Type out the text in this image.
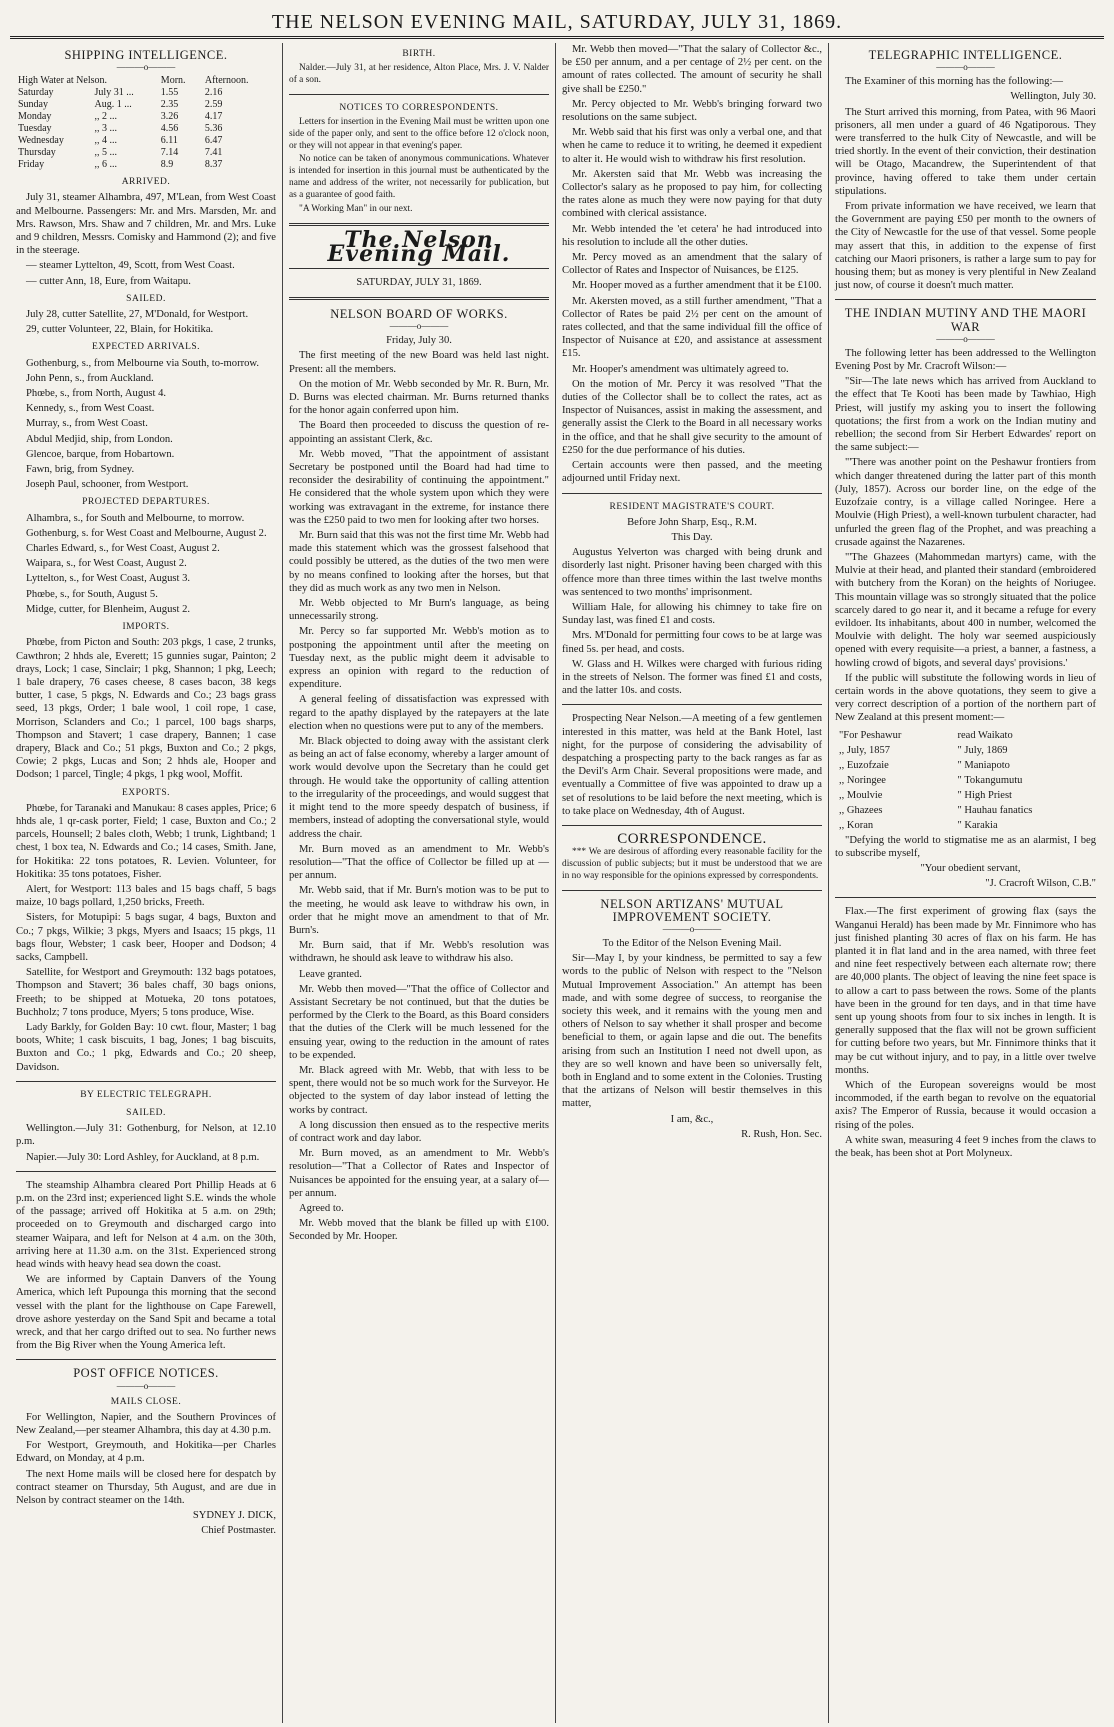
THE NELSON EVENING MAIL, SATURDAY, JULY 31, 1869.
SHIPPING INTELLIGENCE.
———o———
High Water at Nelson.		Morn.	Afternoon.
Saturday	July 31 ...	1.55	2.16
Sunday	Aug. 1 ...	2.35	2.59
Monday	,, 2 ...	3.26	4.17
Tuesday	,, 3 ...	4.56	5.36
Wednesday	,, 4 ...	6.11	6.47
Thursday	,, 5 ...	7.14	7.41
Friday	,, 6 ...	8.9	8.37
ARRIVED.

July 31, steamer Alhambra, 497, M'Lean, from West Coast and Melbourne. Passengers: Mr. and Mrs. Marsden, Mr. and Mrs. Rawson, Mrs. Shaw and 7 children, Mr. and Mrs. Luke and 9 children, Messrs. Comisky and Hammond (2); and five in the steerage.

— steamer Lyttelton, 49, Scott, from West Coast.

— cutter Ann, 18, Eure, from Waitapu.

SAILED.

July 28, cutter Satellite, 27, M'Donald, for Westport.

29, cutter Volunteer, 22, Blain, for Hokitika.

EXPECTED ARRIVALS.

Gothenburg, s., from Melbourne via South, to-morrow.

John Penn, s., from Auckland.

Phœbe, s., from North, August 4.

Kennedy, s., from West Coast.

Murray, s., from West Coast.

Abdul Medjid, ship, from London.

Glencoe, barque, from Hobartown.

Fawn, brig, from Sydney.

Joseph Paul, schooner, from Westport.

PROJECTED DEPARTURES.

Alhambra, s., for South and Melbourne, to morrow.

Gothenburg, s. for West Coast and Melbourne, August 2.

Charles Edward, s., for West Coast, August 2.

Waipara, s., for West Coast, August 2.

Lyttelton, s., for West Coast, August 3.

Phœbe, s., for South, August 5.

Midge, cutter, for Blenheim, August 2.

IMPORTS.

Phœbe, from Picton and South: 203 pkgs, 1 case, 2 trunks, Cawthron; 2 hhds ale, Everett; 15 gunnies sugar, Painton; 2 drays, Lock; 1 case, Sinclair; 1 pkg, Shannon; 1 pkg, Leech; 1 bale drapery, 76 cases cheese, 8 cases bacon, 38 kegs butter, 1 case, 5 pkgs, N. Edwards and Co.; 23 bags grass seed, 13 pkgs, Order; 1 bale wool, 1 coil rope, 1 case, Morrison, Sclanders and Co.; 1 parcel, 100 bags sharps, Thompson and Stavert; 1 case drapery, Bannen; 1 case drapery, Black and Co.; 51 pkgs, Buxton and Co.; 2 pkgs, Cowie; 2 pkgs, Lucas and Son; 2 hhds ale, Hooper and Dodson; 1 parcel, Tingle; 4 pkgs, 1 pkg wool, Moffit.

EXPORTS.

Phœbe, for Taranaki and Manukau: 8 cases apples, Price; 6 hhds ale, 1 qr-cask porter, Field; 1 case, Buxton and Co.; 2 parcels, Hounsell; 2 bales cloth, Webb; 1 trunk, Lightband; 1 chest, 1 box tea, N. Edwards and Co.; 14 cases, Smith. Jane, for Hokitika: 22 tons potatoes, R. Levien. Volunteer, for Hokitika: 35 tons potatoes, Fisher.

Alert, for Westport: 113 bales and 15 bags chaff, 5 bags maize, 10 bags pollard, 1,250 bricks, Freeth.

Sisters, for Motupipi: 5 bags sugar, 4 bags, Buxton and Co.; 7 pkgs, Wilkie; 3 pkgs, Myers and Isaacs; 15 pkgs, 11 bags flour, Webster; 1 cask beer, Hooper and Dodson; 4 sacks, Campbell.

Satellite, for Westport and Greymouth: 132 bags potatoes, Thompson and Stavert; 36 bales chaff, 30 bags onions, Freeth; to be shipped at Motueka, 20 tons potatoes, Buchholz; 7 tons produce, Myers; 5 tons produce, Wise.

Lady Barkly, for Golden Bay: 10 cwt. flour, Master; 1 bag boots, White; 1 cask biscuits, 1 bag, Jones; 1 bag biscuits, Buxton and Co.; 1 pkg, Edwards and Co.; 20 sheep, Davidson.

BY ELECTRIC TELEGRAPH.
SAILED.

Wellington.—July 31: Gothenburg, for Nelson, at 12.10 p.m.

Napier.—July 30: Lord Ashley, for Auckland, at 8 p.m.

The steamship Alhambra cleared Port Phillip Heads at 6 p.m. on the 23rd inst; experienced light S.E. winds the whole of the passage; arrived off Hokitika at 5 a.m. on 29th; proceeded on to Greymouth and discharged cargo into steamer Waipara, and left for Nelson at 4 a.m. on the 30th, arriving here at 11.30 a.m. on the 31st. Experienced strong head winds with heavy head sea down the coast.

We are informed by Captain Danvers of the Young America, which left Pupounga this morning that the second vessel with the plant for the lighthouse on Cape Farewell, drove ashore yesterday on the Sand Spit and became a total wreck, and that her cargo drifted out to sea. No further news from the Big River when the Young America left.

POST OFFICE NOTICES.
———o———
MAILS CLOSE.

For Wellington, Napier, and the Southern Provinces of New Zealand,—per steamer Alhambra, this day at 4.30 p.m.

For Westport, Greymouth, and Hokitika—per Charles Edward, on Monday, at 4 p.m.

The next Home mails will be closed here for despatch by contract steamer on Thursday, 5th August, and are due in Nelson by contract steamer on the 14th.

SYDNEY J. DICK,

Chief Postmaster.

BIRTH.

Nalder.—July 31, at her residence, Alton Place, Mrs. J. V. Nalder of a son.

NOTICES TO CORRESPONDENTS.

Letters for insertion in the Evening Mail must be written upon one side of the paper only, and sent to the office before 12 o'clock noon, or they will not appear in that evening's paper.

No notice can be taken of anonymous communications. Whatever is intended for insertion in this journal must be authenticated by the name and address of the writer, not necessarily for publication, but as a guarantee of good faith.

"A Working Man" in our next.

The Nelson Evening Mail.
SATURDAY, JULY 31, 1869.
NELSON BOARD OF WORKS.
———o———

Friday, July 30.

The first meeting of the new Board was held last night. Present: all the members.

On the motion of Mr. Webb seconded by Mr. R. Burn, Mr. D. Burns was elected chairman. Mr. Burns returned thanks for the honor again conferred upon him.

The Board then proceeded to discuss the question of re-appointing an assistant Clerk, &c.

Mr. Webb moved, "That the appointment of assistant Secretary be postponed until the Board had had time to reconsider the desirability of continuing the appointment." He considered that the whole system upon which they were working was extravagant in the extreme, for instance there was the £250 paid to two men for looking after two horses.

Mr. Burn said that this was not the first time Mr. Webb had made this statement which was the grossest falsehood that could possibly be uttered, as the duties of the two men were by no means confined to looking after the horses, but that they did as much work as any two men in Nelson.

Mr. Webb objected to Mr Burn's language, as being unnecessarily strong.

Mr. Percy so far supported Mr. Webb's motion as to postponing the appointment until after the meeting on Tuesday next, as the public might deem it advisable to express an opinion with regard to the reduction of expenditure.

A general feeling of dissatisfaction was expressed with regard to the apathy displayed by the ratepayers at the late election when no questions were put to any of the members.

Mr. Black objected to doing away with the assistant clerk as being an act of false economy, whereby a larger amount of work would devolve upon the Secretary than he could get through. He would take the opportunity of calling attention to the irregularity of the proceedings, and would suggest that it might tend to the more speedy despatch of business, if members, instead of adopting the conversational style, would address the chair.

Mr. Burn moved as an amendment to Mr. Webb's resolution—"That the office of Collector be filled up at — per annum.

Mr. Webb said, that if Mr. Burn's motion was to be put to the meeting, he would ask leave to withdraw his own, in order that he might move an amendment to that of Mr. Burn's.

Mr. Burn said, that if Mr. Webb's resolution was withdrawn, he should ask leave to withdraw his also.

Leave granted.

Mr. Webb then moved—"That the office of Collector and Assistant Secretary be not continued, but that the duties be performed by the Clerk to the Board, as this Board considers that the duties of the Clerk will be much lessened for the ensuing year, owing to the reduction in the amount of rates to be expended.

Mr. Black agreed with Mr. Webb, that with less to be spent, there would not be so much work for the Surveyor. He objected to the system of day labor instead of letting the works by contract.

A long discussion then ensued as to the respective merits of contract work and day labor.

Mr. Burn moved, as an amendment to Mr. Webb's resolution—"That a Collector of Rates and Inspector of Nuisances be appointed for the ensuing year, at a salary of—per annum.

Agreed to.

Mr. Webb moved that the blank be filled up with £100. Seconded by Mr. Hooper.

Mr. Webb then moved—"That the salary of Collector &c., be £50 per annum, and a per centage of 2½ per cent. on the amount of rates collected. The amount of security he shall give shall be £250."

Mr. Percy objected to Mr. Webb's bringing forward two resolutions on the same subject.

Mr. Webb said that his first was only a verbal one, and that when he came to reduce it to writing, he deemed it expedient to alter it. He would wish to withdraw his first resolution.

Mr. Akersten said that Mr. Webb was increasing the Collector's salary as he proposed to pay him, for collecting the rates alone as much they were now paying for that duty combined with clerical assistance.

Mr. Webb intended the 'et cetera' he had introduced into his resolution to include all the other duties.

Mr. Percy moved as an amendment that the salary of Collector of Rates and Inspector of Nuisances, be £125.

Mr. Hooper moved as a further amendment that it be £100.

Mr. Akersten moved, as a still further amendment, "That a Collector of Rates be paid 2½ per cent on the amount of rates collected, and that the same individual fill the office of Inspector of Nuisance at £20, and assistance at assessment £15.

Mr. Hooper's amendment was ultimately agreed to.

On the motion of Mr. Percy it was resolved "That the duties of the Collector shall be to collect the rates, act as Inspector of Nuisances, assist in making the assessment, and generally assist the Clerk to the Board in all necessary works in the office, and that he shall give security to the amount of £250 for the due performance of his duties.

Certain accounts were then passed, and the meeting adjourned until Friday next.

RESIDENT MAGISTRATE'S COURT.

Before John Sharp, Esq., R.M.

This Day.

Augustus Yelverton was charged with being drunk and disorderly last night. Prisoner having been charged with this offence more than three times within the last twelve months was sentenced to two months' imprisonment.

William Hale, for allowing his chimney to take fire on Sunday last, was fined £1 and costs.

Mrs. M'Donald for permitting four cows to be at large was fined 5s. per head, and costs.

W. Glass and H. Wilkes were charged with furious riding in the streets of Nelson. The former was fined £1 and costs, and the latter 10s. and costs.

Prospecting Near Nelson.—A meeting of a few gentlemen interested in this matter, was held at the Bank Hotel, last night, for the purpose of considering the advisability of despatching a prospecting party to the back ranges as far as the Devil's Arm Chair. Several propositions were made, and eventually a Committee of five was appointed to draw up a set of resolutions to be laid before the next meeting, which is to take place on Wednesday, 4th of August.

CORRESPONDENCE.

*** We are desirous of affording every reasonable facility for the discussion of public subjects; but it must be understood that we are in no way responsible for the opinions expressed by correspondents.

NELSON ARTIZANS' MUTUAL IMPROVEMENT SOCIETY.
———o———

To the Editor of the Nelson Evening Mail.

Sir—May I, by your kindness, be permitted to say a few words to the public of Nelson with respect to the "Nelson Mutual Improvement Association." An attempt has been made, and with some degree of success, to reorganise the society this week, and it remains with the young men and others of Nelson to say whether it shall prosper and become beneficial to them, or again lapse and die out. The benefits arising from such an Institution I need not dwell upon, as they are so well known and have been so universally felt, both in England and to some extent in the Colonies. Trusting that the artizans of Nelson will bestir themselves in this matter,

I am, &c.,

R. Rush, Hon. Sec.

TELEGRAPHIC INTELLIGENCE.
———o———

The Examiner of this morning has the following:—

Wellington, July 30.

The Sturt arrived this morning, from Patea, with 96 Maori prisoners, all men under a guard of 46 Ngatiporous. They were transferred to the hulk City of Newcastle, and will be tried shortly. In the event of their conviction, their destination will be Otago, Macandrew, the Superintendent of that province, having offered to take them under certain stipulations.

From private information we have received, we learn that the Government are paying £50 per month to the owners of the City of Newcastle for the use of that vessel. Some people may assert that this, in addition to the expense of first catching our Maori prisoners, is rather a large sum to pay for housing them; but as money is very plentiful in New Zealand just now, of course it doesn't much matter.

THE INDIAN MUTINY AND THE MAORI WAR
———o———

The following letter has been addressed to the Wellington Evening Post by Mr. Cracroft Wilson:—

"Sir—The late news which has arrived from Auckland to the effect that Te Kooti has been made by Tawhiao, High Priest, will justify my asking you to insert the following quotations; the first from a work on the Indian mutiny and rebellion; the second from Sir Herbert Edwardes' report on the same subject:—

"'There was another point on the Peshawur frontiers from which danger threatened during the latter part of this month (July, 1857). Across our border line, on the edge of the Euzofzaie contry, is a village called Noringee. Here a Moulvie (High Priest), a well-known turbulent character, had unfurled the green flag of the Prophet, and was preaching a crusade against the Nazarenes.

"'The Ghazees (Mahommedan martyrs) came, with the Mulvie at their head, and planted their standard (embroidered with butchery from the Koran) on the heights of Noriugee. This mountain village was so strongly situated that the police scarcely dared to go near it, and it became a refuge for every evildoer. Its inhabitants, about 400 in number, welcomed the Moulvie with delight. The holy war seemed auspiciously opened with every requisite—a priest, a banner, a fastness, a howling crowd of bigots, and several days' provisions.'

If the public will substitute the following words in lieu of certain words in the above quotations, they seem to give a very correct description of a portion of the northern part of New Zealand at this present moment:—

"For Peshawur	read Waikato
,, July, 1857	" July, 1869
,, Euzofzaie	" Maniapoto
,, Noringee	" Tokangumutu
,, Moulvie	" High Priest
,, Ghazees	" Hauhau fanatics
,, Koran	" Karakia

"Defying the world to stigmatise me as an alarmist, I beg to subscribe myself,

"Your obedient servant,

"J. Cracroft Wilson, C.B."

Flax.—The first experiment of growing flax (says the Wanganui Herald) has been made by Mr. Finnimore who has just finished planting 30 acres of flax on his farm. He has planted it in flat land and in the area named, with three feet and nine feet respectively between each alternate row; there are 40,000 plants. The object of leaving the nine feet space is to allow a cart to pass between the rows. Some of the plants have been in the ground for ten days, and in that time have sent up young shoots from four to six inches in length. It is generally supposed that the flax will not be grown sufficient for cutting before two years, but Mr. Finnimore thinks that it may be cut without injury, and to pay, in a little over twelve months.

Which of the European sovereigns would be most incommoded, if the earth began to revolve on the equatorial axis? The Emperor of Russia, because it would occasion a rising of the poles.

A white swan, measuring 4 feet 9 inches from the claws to the beak, has been shot at Port Molyneux.
